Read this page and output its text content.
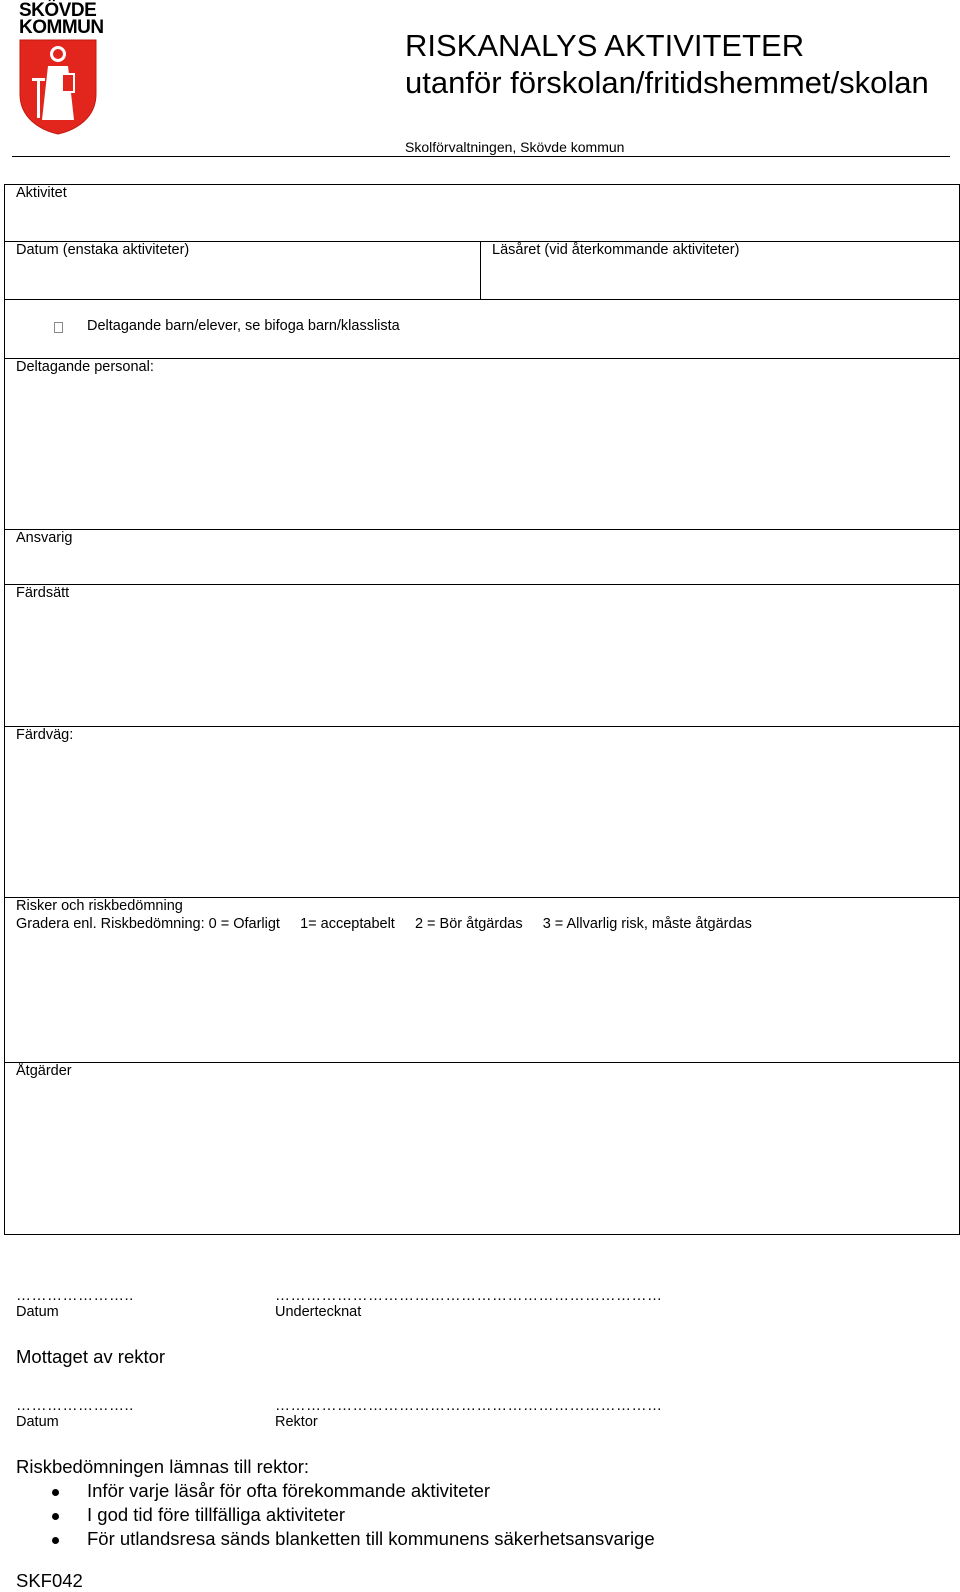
SKÖVDE
KOMMUN
RISKANALYS AKTIVITETER
utanför förskolan/fritidshemmet/skolan
Skolförvaltningen, Skövde kommun
Aktivitet
Datum (enstaka aktiviteter)	Läsåret (vid återkommande aktiviteter)
Deltagande barn/elever, se bifoga barn/klasslista
Deltagande personal:
Ansvarig
Färdsätt
Färdväg:
Risker och riskbedömning
Gradera enl. Riskbedömning: 0 = Ofarligt     1= acceptabelt     2 = Bör åtgärdas     3 = Allvarlig risk, måste åtgärdas
Åtgärder
…………………..	…………………………………………………………………
Datum	Undertecknat
Mottaget av rektor
…………………..	…………………………………………………………………
Datum	Rektor
Riskbedömningen lämnas till rektor:
Inför varje läsår för ofta förekommande aktiviteter
I god tid före tillfälliga aktiviteter
För utlandsresa sänds blanketten till kommunens säkerhetsansvarige
SKF042
